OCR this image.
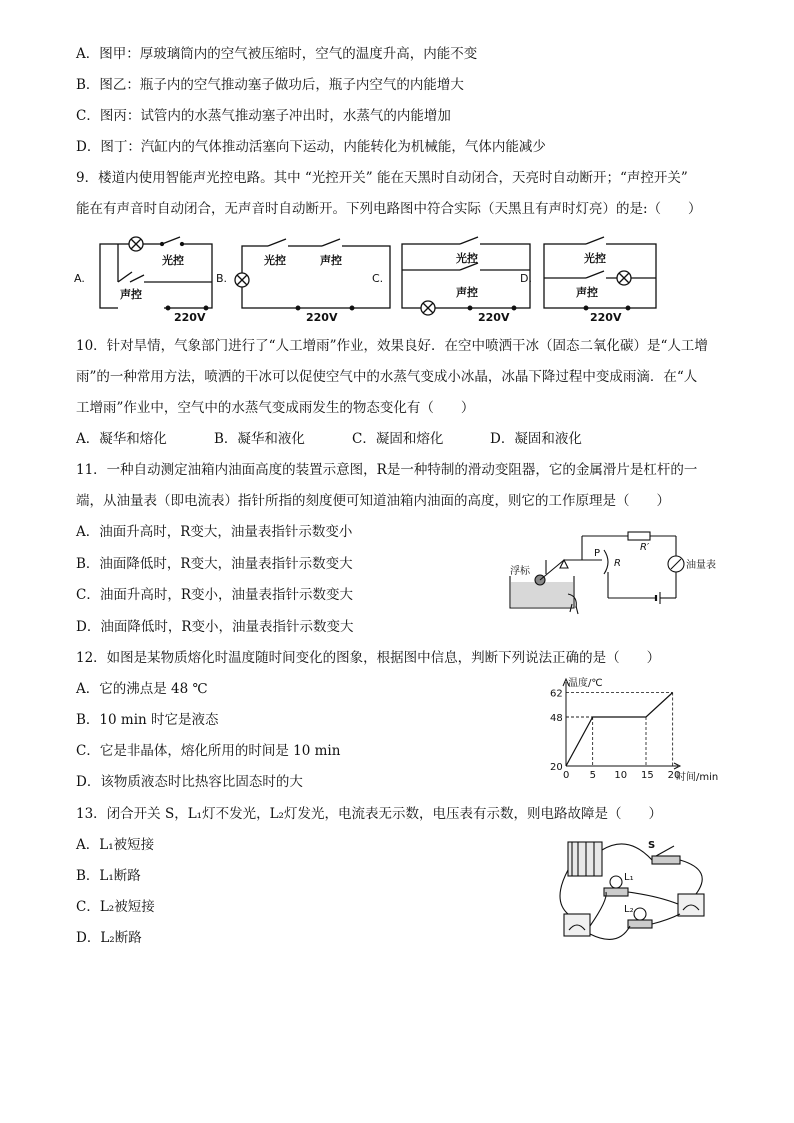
A．图甲：厚玻璃筒内的空气被压缩时，空气的温度升高，内能不变
B．图乙：瓶子内的空气推动塞子做功后，瓶子内空气的内能增大
C．图丙：试管内的水蒸气推动塞子冲出时，水蒸气的内能增加
D．图丁：汽缸内的气体推动活塞向下运动，内能转化为机械能，气体内能减少
9．楼道内使用智能声光控电路。其中 “光控开关” 能在天黑时自动闭合，天亮时自动断开；“声控开关”
能在有声音时自动闭合，无声音时自动断开。下列电路图中符合实际（天黑且有声时灯亮）的是:（　　）
A.
光控
声控
220V
B.
光控	声控
220V
C.
光控
声控
220V
D.
光控
声控
220V
10．针对旱情，气象部门进行了“人工增雨”作业，效果良好．在空中喷洒干冰（固态二氧化碳）是“人工增
雨”的一种常用方法，喷洒的干冰可以促使空气中的水蒸气变成小冰晶，冰晶下降过程中变成雨滴．在“人
工增雨”作业中，空气中的水蒸气变成雨发生的物态变化有（　　）
A．凝华和熔化	B．凝华和液化	C．凝固和熔化	D．凝固和液化
11．一种自动测定油箱内油面高度的装置示意图，R是一种特制的滑动变阻器，它的金属滑片是杠杆的一
端，从油量表（即电流表）指针所指的刻度便可知道油箱内油面的高度，则它的工作原理是（　　）
A．油面升高时，R变大，油量表指针示数变小
B．油面降低时，R变大，油量表指针示数变大
C．油面升高时，R变小，油量表指针示数变大
D．油面降低时，R变小，油量表指针示数变大
浮标
P
R
R′
油量表
12．如图是某物质熔化时温度随时间变化的图象，根据图中信息，判断下列说法正确的是（　　）
A．它的沸点是 48 ℃
B．10 min 时它是液态
C．它是非晶体，熔化所用的时间是 10 min
D．该物质液态时比热容比固态时的大
温度/℃
时间/min
0 5 10 15 20
20
48
62
13．闭合开关 S，L₁灯不发光，L₂灯发光，电流表无示数，电压表有示数，则电路故障是（　　）
A．L₁被短接
B．L₁断路
C．L₂被短接
D．L₂断路
S
L₁
L₂
